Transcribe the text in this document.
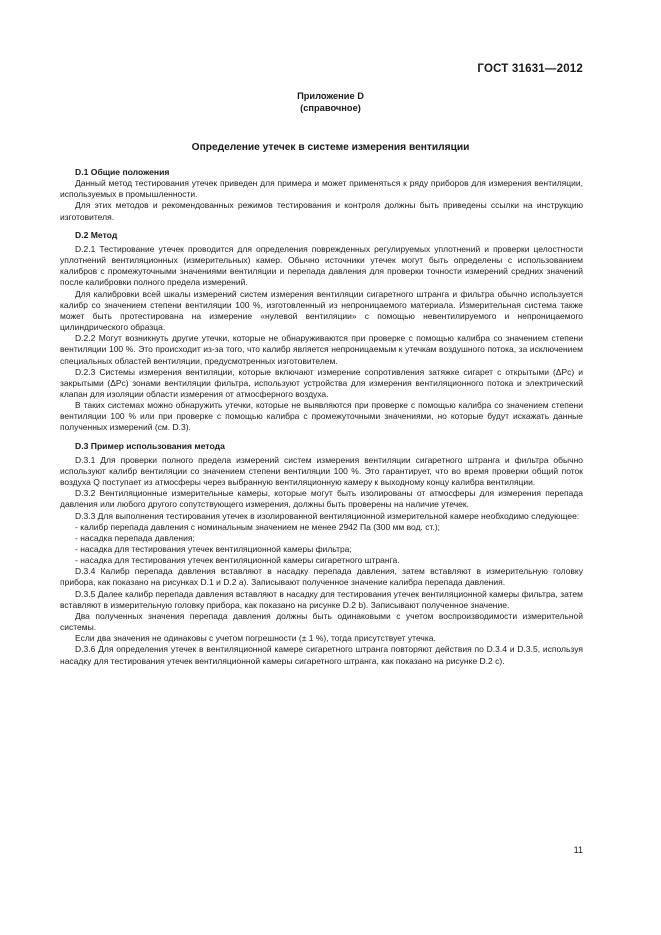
ГОСТ 31631—2012
Приложение D
(справочное)
Определение утечек в системе измерения вентиляции
D.1 Общие положения

Данный метод тестирования утечек приведен для примера и может применяться к ряду приборов для измерения вентиляции, используемых в промышленности.

Для этих методов и рекомендованных режимов тестирования и контроля должны быть приведены ссылки на инструкцию изготовителя.

D.2 Метод

D.2.1 Тестирование утечек проводится для определения поврежденных регулируемых уплотнений и проверки целостности уплотнений вентиляционных (измерительных) камер. Обычно источники утечек могут быть определены с использованием калибров с промежуточными значениями вентиляции и перепада давления для проверки точности измерений средних значений после калибровки полного предела измерений.

Для калибровки всей шкалы измерений систем измерения вентиляции сигаретного штранга и фильтра обычно используется калибр со значением степени вентиляции 100 %, изготовленный из непроницаемого материала. Измерительная система также может быть протестирована на измерение «нулевой вентиляции» с помощью невентилируемого и непроницаемого цилиндрического образца.

D.2.2 Могут возникнуть другие утечки, которые не обнаруживаются при проверке с помощью калибра со значением степени вентиляции 100 %. Это происходит из-за того, что калибр является непроницаемым к утечкам воздушного потока, за исключением специальных областей вентиляции, предусмотренных изготовителем.

D.2.3 Системы измерения вентиляции, которые включают измерение сопротивления затяжке сигарет с открытыми (ΔPc) и закрытыми (ΔPc) зонами вентиляции фильтра, используют устройства для измерения вентиляционного потока и электрический клапан для изоляции области измерения от атмосферного воздуха.

В таких системах можно обнаружить утечки, которые не выявляются при проверке с помощью калибра со значением степени вентиляции 100 % или при проверке с помощью калибра с промежуточными значениями, но которые будут искажать данные полученных измерений (см. D.3).

D.3 Пример использования метода

D.3.1 Для проверки полного предела измерений систем измерения вентиляции сигаретного штранга и фильтра обычно используют калибр вентиляции со значением степени вентиляции 100 %. Это гарантирует, что во время проверки общий поток воздуха Q поступает из атмосферы через выбранную вентиляционную камеру к выходному концу калибра вентиляции.

D.3.2 Вентиляционные измерительные камеры, которые могут быть изолированы от атмосферы для измерения перепада давления или любого другого сопутствующего измерения, должны быть проверены на наличие утечек.

D.3.3 Для выполнения тестирования утечек в изолированной вентиляционной измерительной камере необходимо следующее:

- калибр перепада давления с номинальным значением не менее 2942 Па (300 мм вод. ст.);

- насадка перепада давления;

- насадка для тестирования утечек вентиляционной камеры фильтра;

- насадка для тестирования утечек вентиляционной камеры сигаретного штранга.

D.3.4 Калибр перепада давления вставляют в насадку перепада давления, затем вставляют в измерительную головку прибора, как показано на рисунках D.1 и D.2 a). Записывают полученное значение калибра перепада давления.

D.3.5 Далее калибр перепада давления вставляют в насадку для тестирования утечек вентиляционной камеры фильтра, затем вставляют в измерительную головку прибора, как показано на рисунке D.2 b). Записывают полученное значение.

Два полученных значения перепада давления должны быть одинаковыми с учетом воспроизводимости измерительной системы.

Если два значения не одинаковы с учетом погрешности (± 1 %), тогда присутствует утечка.

D.3.6 Для определения утечек в вентиляционной камере сигаретного штранга повторяют действия по D.3.4 и D.3.5, используя насадку для тестирования утечек вентиляционной камеры сигаретного штранга, как показано на рисунке D.2 c).

11
